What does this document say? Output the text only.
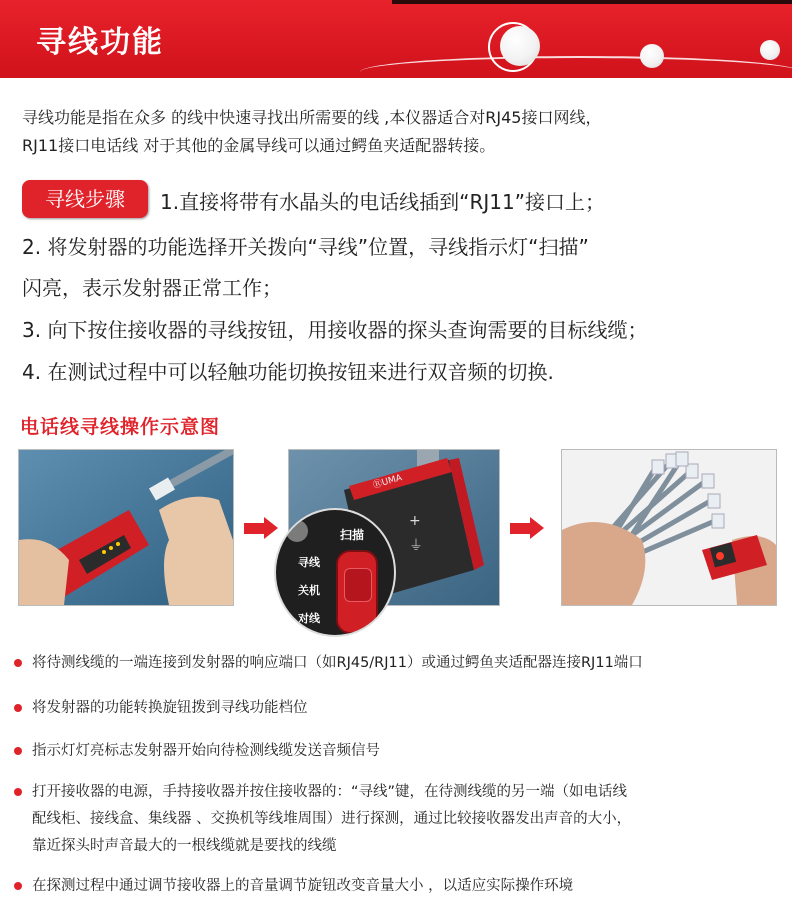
寻线功能
寻线功能是指在众多 的线中快速寻找出所需要的线 ,本仪器适合对RJ45接口网线，
RJ11接口电话线 对于其他的金属导线可以通过鳄鱼夹适配器转接。
寻线步骤	1.直接将带有水晶头的电话线插到“RJ11”接口上；
2. 将发射器的功能选择开关拨向“寻线”位置，寻线指示灯“扫描”
闪亮，表示发射器正常工作；
3. 向下按住接收器的寻线按钮，用接收器的探头查询需要的目标线缆；
4. 在测试过程中可以轻触功能切换按钮来进行双音频的切换.
电话线寻线操作示意图
ⓇUMA
+
⏚
扫描
寻线
关机
对线
将待测线缆的一端连接到发射器的响应端口（如RJ45/RJ11）或通过鳄鱼夹适配器连接RJ11端口
将发射器的功能转换旋钮拨到寻线功能档位
指示灯灯亮标志发射器开始向待检测线缆发送音频信号
打开接收器的电源，手持接收器并按住接收器的：“寻线”键，在待测线缆的另一端（如电话线
配线柜、接线盒、集线器 、交换机等线堆周围）进行探测，通过比较接收器发出声音的大小，
靠近探头时声音最大的一根线缆就是要找的线缆
在探测过程中通过调节接收器上的音量调节旋钮改变音量大小 ，以适应实际操作环境
